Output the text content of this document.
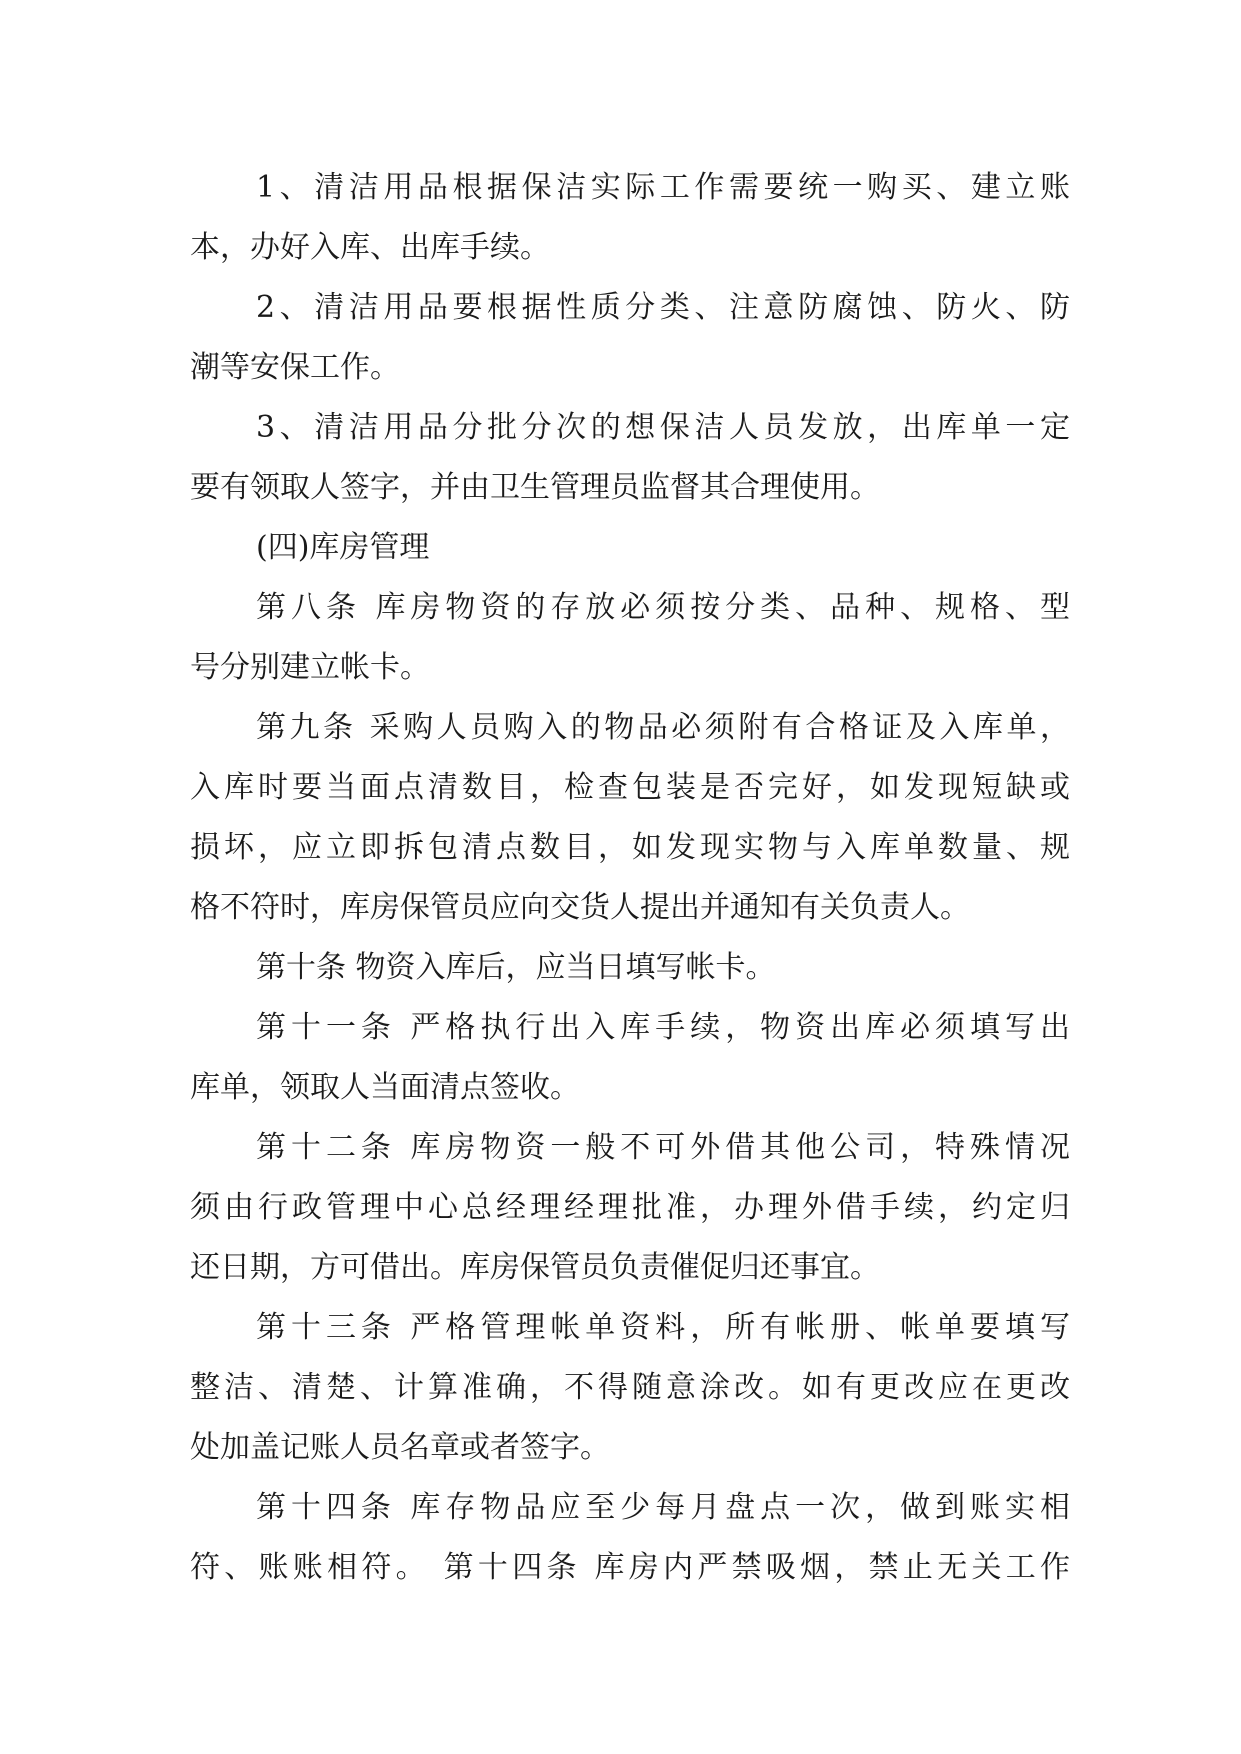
1、清洁用品根据保洁实际工作需要统一购买、建立账
本，办好入库、出库手续。
2、清洁用品要根据性质分类、注意防腐蚀、防火、防
潮等安保工作。
3、清洁用品分批分次的想保洁人员发放，出库单一定
要有领取人签字，并由卫生管理员监督其合理使用。
(四)库房管理
第八条 库房物资的存放必须按分类、品种、规格、型
号分别建立帐卡。
第九条 采购人员购入的物品必须附有合格证及入库单，
入库时要当面点清数目，检查包装是否完好，如发现短缺或
损坏，应立即拆包清点数目，如发现实物与入库单数量、规
格不符时，库房保管员应向交货人提出并通知有关负责人。
第十条 物资入库后，应当日填写帐卡。
第十一条 严格执行出入库手续，物资出库必须填写出
库单，领取人当面清点签收。
第十二条 库房物资一般不可外借其他公司，特殊情况
须由行政管理中心总经理经理批准，办理外借手续，约定归
还日期，方可借出。库房保管员负责催促归还事宜。
第十三条 严格管理帐单资料，所有帐册、帐单要填写
整洁、清楚、计算准确，不得随意涂改。如有更改应在更改
处加盖记账人员名章或者签字。
第十四条 库存物品应至少每月盘点一次，做到账实相
符、账账相符。 第十四条 库房内严禁吸烟，禁止无关工作
